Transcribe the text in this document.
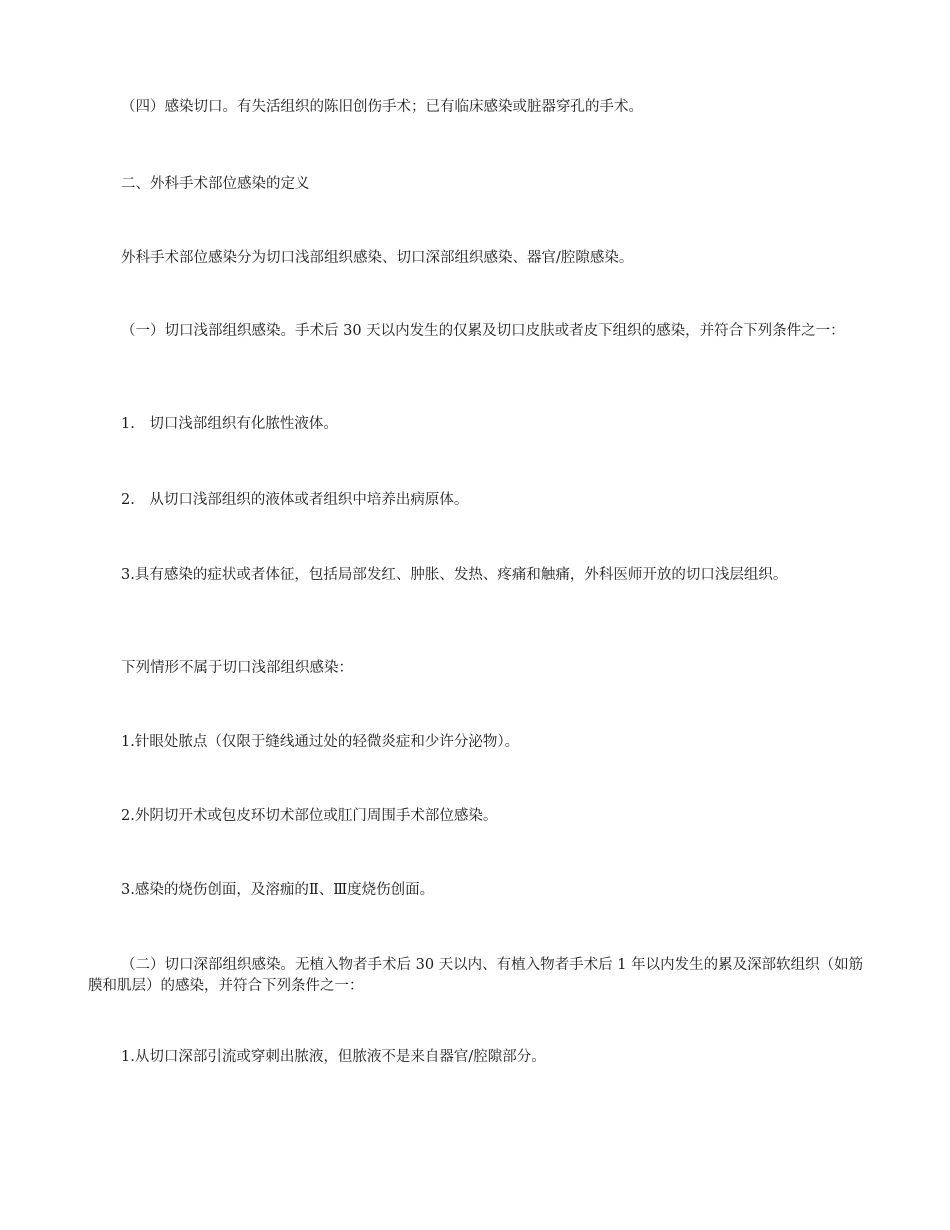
（四）感染切口。有失活组织的陈旧创伤手术；已有临床感染或脏器穿孔的手术。

二、外科手术部位感染的定义

外科手术部位感染分为切口浅部组织感染、切口深部组织感染、器官/腔隙感染。

（一）切口浅部组织感染。手术后 30 天以内发生的仅累及切口皮肤或者皮下组织的感染，并符合下列条件之一：

1.　切口浅部组织有化脓性液体。

2.　从切口浅部组织的液体或者组织中培养出病原体。

3.具有感染的症状或者体征，包括局部发红、肿胀、发热、疼痛和触痛，外科医师开放的切口浅层组织。

下列情形不属于切口浅部组织感染：

1.针眼处脓点（仅限于缝线通过处的轻微炎症和少许分泌物）。

2.外阴切开术或包皮环切术部位或肛门周围手术部位感染。

3.感染的烧伤创面，及溶痂的Ⅱ、Ⅲ度烧伤创面。

（二）切口深部组织感染。无植入物者手术后 30 天以内、有植入物者手术后 1 年以内发生的累及深部软组织（如筋膜和肌层）的感染，并符合下列条件之一：

1.从切口深部引流或穿刺出脓液，但脓液不是来自器官/腔隙部分。
